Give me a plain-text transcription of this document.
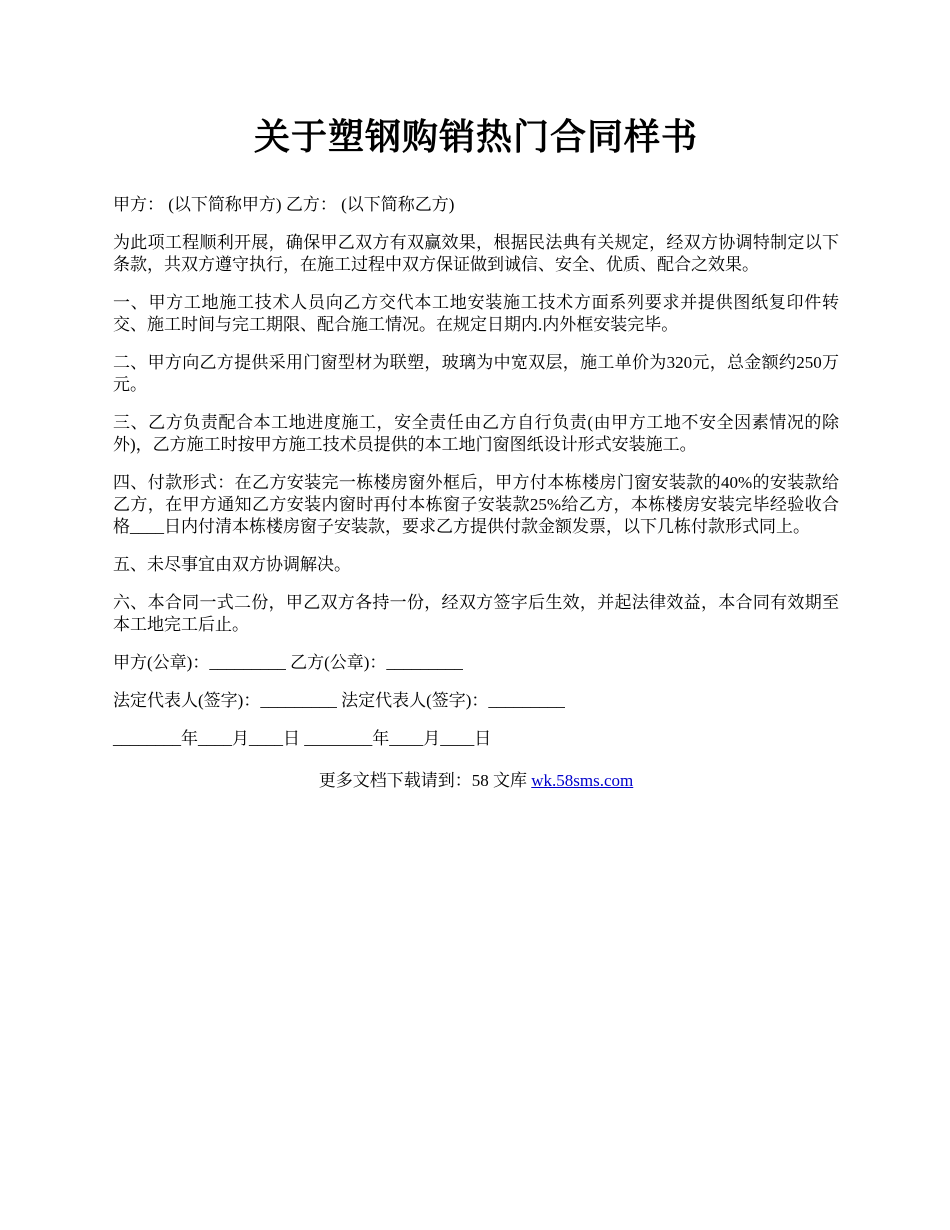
关于塑钢购销热门合同样书

甲方： (以下简称甲方) 乙方： (以下简称乙方)

为此项工程顺利开展，确保甲乙双方有双赢效果，根据民法典有关规定，经双方协调特制定以下条款，共双方遵守执行，在施工过程中双方保证做到诚信、安全、优质、配合之效果。

一、甲方工地施工技术人员向乙方交代本工地安装施工技术方面系列要求并提供图纸复印件转交、施工时间与完工期限、配合施工情况。在规定日期内.内外框安装完毕。

二、甲方向乙方提供采用门窗型材为联塑，玻璃为中宽双层，施工单价为320元，总金额约250万元。

三、乙方负责配合本工地进度施工，安全责任由乙方自行负责(由甲方工地不安全因素情况的除外)，乙方施工时按甲方施工技术员提供的本工地门窗图纸设计形式安装施工。

四、付款形式：在乙方安装完一栋楼房窗外框后，甲方付本栋楼房门窗安装款的40%的安装款给乙方，在甲方通知乙方安装内窗时再付本栋窗子安装款25%给乙方，本栋楼房安装完毕经验收合格____日内付清本栋楼房窗子安装款，要求乙方提供付款金额发票，以下几栋付款形式同上。

五、未尽事宜由双方协调解决。

六、本合同一式二份，甲乙双方各持一份，经双方签字后生效，并起法律效益，本合同有效期至本工地完工后止。

甲方(公章)：_________ 乙方(公章)：_________

法定代表人(签字)：_________ 法定代表人(签字)：_________

________年____月____日 ________年____月____日

更多文档下载请到：58 文库 wk.58sms.com
